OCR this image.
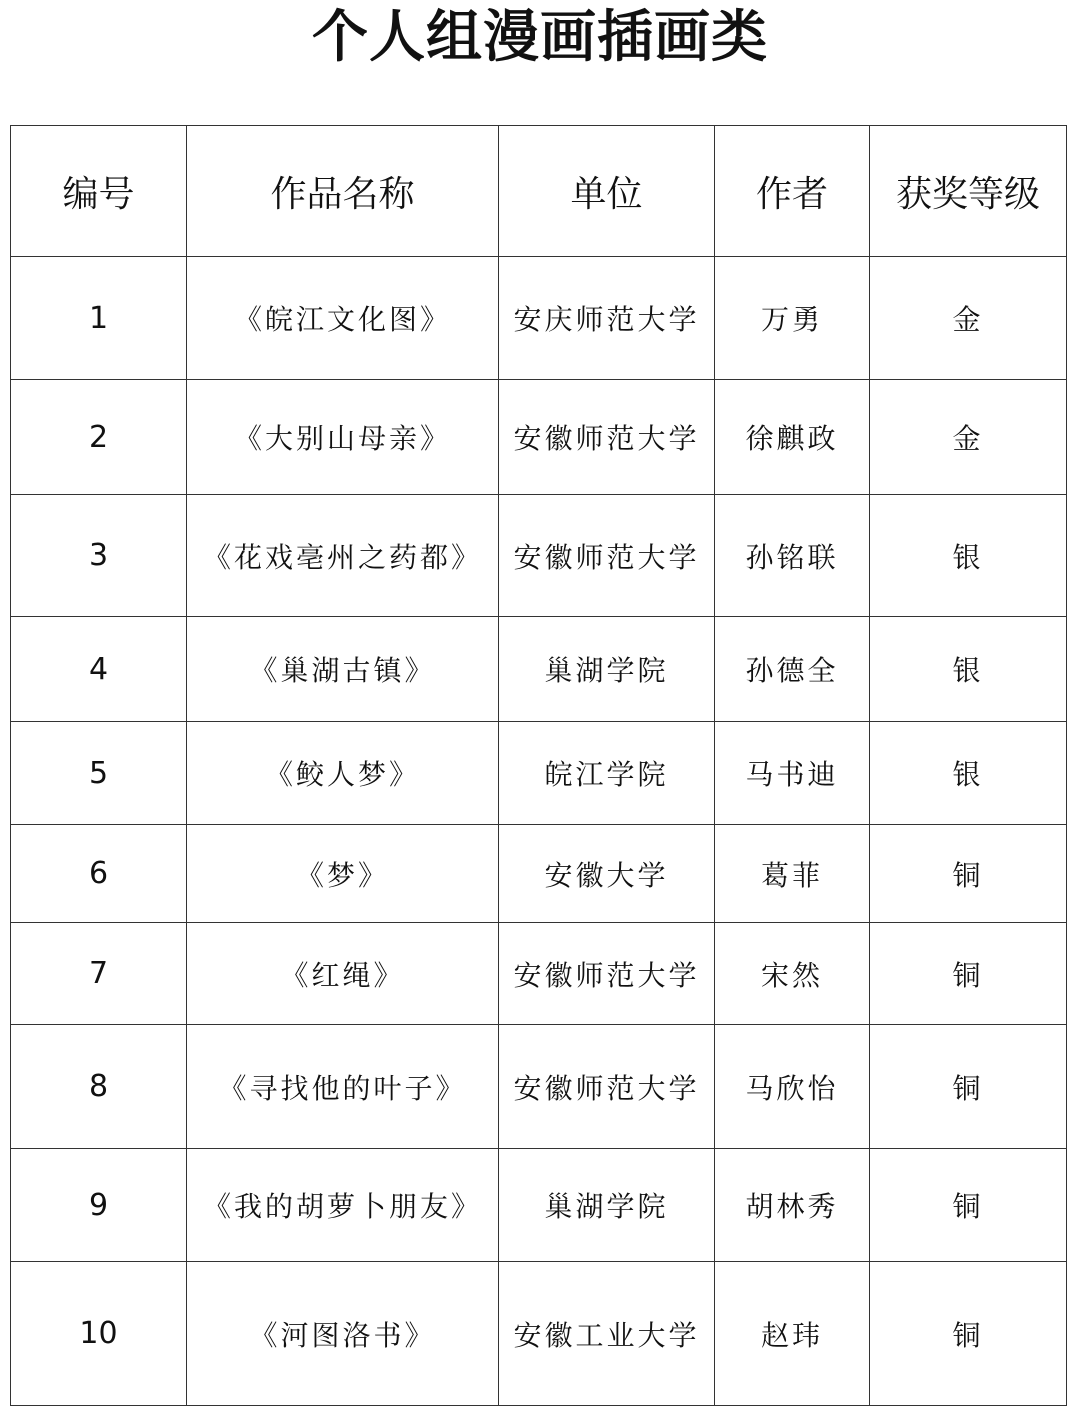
个人组漫画插画类
编号	作品名称	单位	作者	获奖等级
1	《皖江文化图》	安庆师范大学	万勇	金
2	《大别山母亲》	安徽师范大学	徐麒政	金
3	《花戏亳州之药都》	安徽师范大学	孙铭联	银
4	《巢湖古镇》	巢湖学院	孙德全	银
5	《鲛人梦》	皖江学院	马书迪	银
6	《梦》	安徽大学	葛菲	铜
7	《红绳》	安徽师范大学	宋然	铜
8	《寻找他的叶子》	安徽师范大学	马欣怡	铜
9	《我的胡萝卜朋友》	巢湖学院	胡林秀	铜
10	《河图洛书》	安徽工业大学	赵玮	铜
